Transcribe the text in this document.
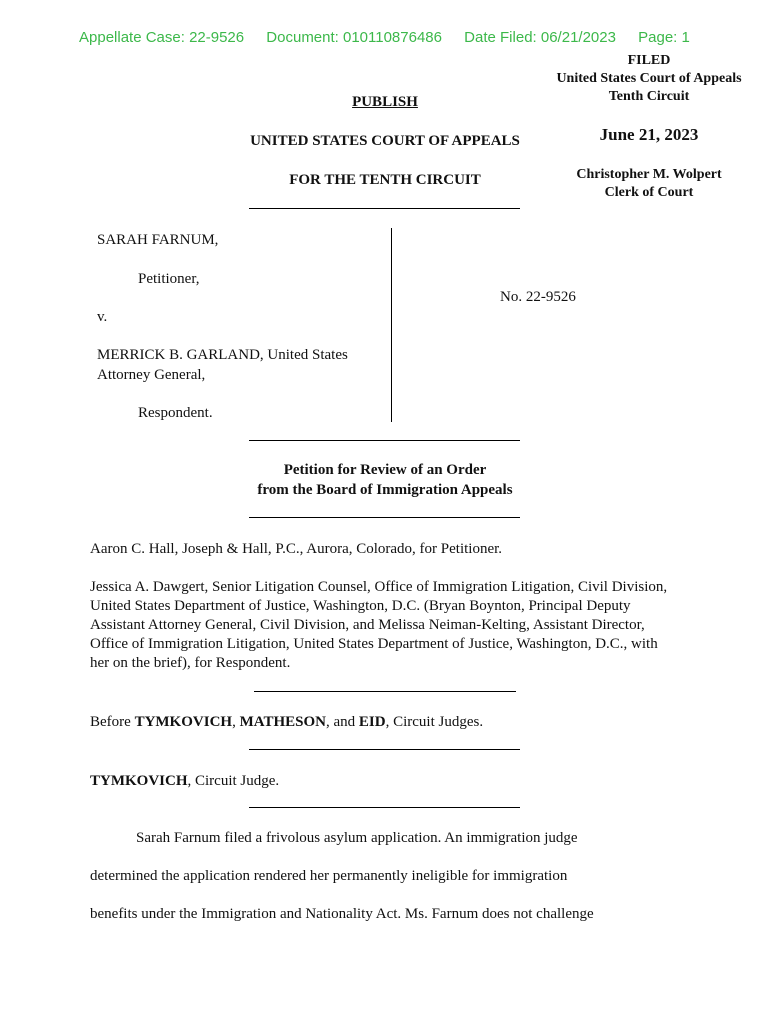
Appellate Case: 22-9526 Document: 010110876486 Date Filed: 06/21/2023 Page: 1
FILED
United States Court of Appeals
Tenth Circuit
June 21, 2023
Christopher M. Wolpert
Clerk of Court
PUBLISH
UNITED STATES COURT OF APPEALS
FOR THE TENTH CIRCUIT
SARAH FARNUM,
Petitioner,
v.
MERRICK B. GARLAND, United States
Attorney General,
Respondent.
No. 22-9526
Petition for Review of an Order
from the Board of Immigration Appeals
Aaron C. Hall, Joseph & Hall, P.C., Aurora, Colorado, for Petitioner.
Jessica A. Dawgert, Senior Litigation Counsel, Office of Immigration Litigation, Civil Division, United States Department of Justice, Washington, D.C. (Bryan Boynton, Principal Deputy Assistant Attorney General, Civil Division, and Melissa Neiman-Kelting, Assistant Director, Office of Immigration Litigation, United States Department of Justice, Washington, D.C., with her on the brief), for Respondent.
Before TYMKOVICH, MATHESON, and EID, Circuit Judges.
TYMKOVICH, Circuit Judge.
Sarah Farnum filed a frivolous asylum application. An immigration judge
determined the application rendered her permanently ineligible for immigration
benefits under the Immigration and Nationality Act. Ms. Farnum does not challenge
